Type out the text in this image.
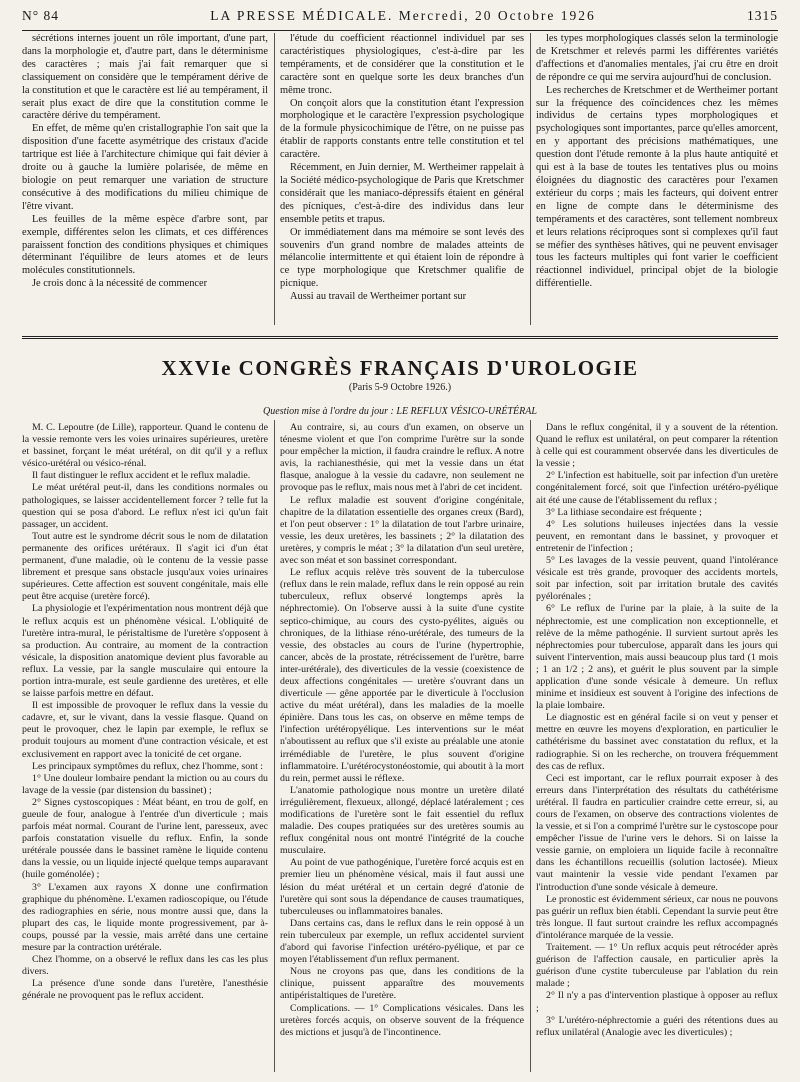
N° 84	LA PRESSE MÉDICALE. Mercredi, 20 Octobre 1926	1315

sécrétions internes jouent un rôle important, d'une part, dans la morphologie et, d'autre part, dans le déterminisme des caractères ; mais j'ai fait remarquer que si classiquement on considère que le tempérament dérive de la constitution et que le caractère est lié au tempérament, il serait plus exact de dire que la constitution comme le caractère dérive du tempérament.

En effet, de même qu'en cristallographie l'on sait que la disposition d'une facette asymétrique des cristaux d'acide tartrique est liée à l'architecture chimique qui fait dévier à droite ou à gauche la lumière polarisée, de même en biologie on peut remarquer une variation de structure consécutive à des modifications du milieu chimique de l'être vivant.

Les feuilles de la même espèce d'arbre sont, par exemple, différentes selon les climats, et ces différences paraissent fonction des conditions physiques et chimiques déterminant l'équilibre de leurs atomes et de leurs molécules constitutionnels.

Je crois donc à la nécessité de commencer

l'étude du coefficient réactionnel individuel par ses caractéristiques physiologiques, c'est-à-dire par les tempéraments, et de considérer que la constitution et le caractère sont en quelque sorte les deux branches d'un même tronc.

On conçoit alors que la constitution étant l'expression morphologique et le caractère l'expression psychologique de la formule physicochimique de l'être, on ne puisse pas établir de rapports constants entre telle constitution et tel caractère.

Récemment, en Juin dernier, M. Wertheimer rappelait à la Société médico-psychologique de Paris que Kretschmer considérait que les maniaco-dépressifs étaient en général des pícniques, c'est-à-dire des individus dans leur ensemble petits et trapus.

Or immédiatement dans ma mémoire se sont levés des souvenirs d'un grand nombre de malades atteints de mélancolie intermittente et qui étaient loin de répondre à ce type morphologique que Kretschmer qualifie de picnique.

Aussi au travail de Wertheimer portant sur

les types morphologiques classés selon la terminologie de Kretschmer et relevés parmi les différentes variétés d'affections et d'anomalies mentales, j'ai cru être en droit de répondre ce qui me servira aujourd'hui de conclusion.

Les recherches de Kretschmer et de Wertheimer portant sur la fréquence des coïncidences chez les mêmes individus de certains types morphologiques et psychologiques sont importantes, parce qu'elles amorcent, en y apportant des précisions mathématiques, une question dont l'étude remonte à la plus haute antiquité et qui est à la base de toutes les tentatives plus ou moins éloignées du diagnostic des caractères pour l'examen extérieur du corps ; mais les facteurs, qui doivent entrer en ligne de compte dans le déterminisme des tempéraments et des caractères, sont tellement nombreux et leurs relations réciproques sont si complexes qu'il faut se méfier des synthèses hâtives, qui ne peuvent envisager tous les facteurs multiples qui font varier le coefficient réactionnel individuel, principal objet de la biologie différentielle.

XXVIe CONGRÈS FRANÇAIS D'UROLOGIE
(Paris 5-9 Octobre 1926.)
Question mise à l'ordre du jour : LE REFLUX VÉSICO-URÉTÉRAL

M. C. Lepoutre (de Lille), rapporteur. Quand le contenu de la vessie remonte vers les voies urinaires supérieures, uretère et bassinet, forçant le méat urétéral, on dit qu'il y a reflux vésico-urétéral ou vésico-rénal.

Il faut distinguer le reflux accident et le reflux maladie.

Le méat urétéral peut-il, dans les conditions normales ou pathologiques, se laisser accidentellement forcer ? telle fut la question qui se posa d'abord. Le reflux n'est ici qu'un fait passager, un accident.

Tout autre est le syndrome décrit sous le nom de dilatation permanente des orifices urétéraux. Il s'agit ici d'un état permanent, d'une maladie, où le contenu de la vessie passe librement et presque sans obstacle jusqu'aux voies urinaires supérieures. Cette affection est souvent congénitale, mais elle peut être acquise (uretère forcé).

La physiologie et l'expérimentation nous montrent déjà que le reflux acquis est un phénomène vésical. L'obliquité de l'uretère intra-mural, le péristaltisme de l'uretère s'opposent à sa production. Au contraire, au moment de la contraction vésicale, la disposition anatomique devient plus favorable au reflux. La vessie, par la sangle musculaire qui entoure la portion intra-murale, est seule gardienne des uretères, et elle se laisse parfois mettre en défaut.

Il est impossible de provoquer le reflux dans la vessie du cadavre, et, sur le vivant, dans la vessie flasque. Quand on peut le provoquer, chez le lapin par exemple, le reflux se produit toujours au moment d'une contraction vésicale, et est exclusivement en rapport avec la tonicité de cet organe.

Les principaux symptômes du reflux, chez l'homme, sont :

1° Une douleur lombaire pendant la miction ou au cours du lavage de la vessie (par distension du bassinet) ;

2° Signes cystoscopiques : Méat béant, en trou de golf, en gueule de four, analogue à l'entrée d'un diverticule ; mais parfois méat normal. Courant de l'urine lent, paresseux, avec parfois constatation visuelle du reflux. Enfin, la sonde urétérale poussée dans le bassinet ramène le liquide contenu dans la vessie, ou un liquide injecté quelque temps auparavant (huile goménolée) ;

3° L'examen aux rayons X donne une confirmation graphique du phénomène. L'examen radioscopique, ou l'étude des radiographies en série, nous montre aussi que, dans la plupart des cas, le liquide monte progressivement, par à-coups, poussé par la vessie, mais arrêté dans une certaine mesure par la contraction urétérale.

Chez l'homme, on a observé le reflux dans les cas les plus divers.

La présence d'une sonde dans l'uretère, l'anesthésie générale ne provoquent pas le reflux accident.

Au contraire, si, au cours d'un examen, on observe un ténesme violent et que l'on comprime l'urètre sur la sonde pour empêcher la miction, il faudra craindre le reflux. A notre avis, la rachianesthésie, qui met la vessie dans un état flasque, analogue à la vessie du cadavre, non seulement ne provoque pas le reflux, mais nous met à l'abri de cet incident.

Le reflux maladie est souvent d'origine congénitale, chapitre de la dilatation essentielle des organes creux (Bard), et l'on peut observer : 1° la dilatation de tout l'arbre urinaire, vessie, les deux uretères, les bassinets ; 2° la dilatation des uretères, y compris le méat ; 3° la dilatation d'un seul uretère, avec son méat et son bassinet correspondant.

Le reflux acquis relève très souvent de la tuberculose (reflux dans le rein malade, reflux dans le rein opposé au rein tuberculeux, reflux observé longtemps après la néphrectomie). On l'observe aussi à la suite d'une cystite septico-chimique, au cours des cysto-pyélites, aiguës ou chroniques, de la lithiase réno-urétérale, des tumeurs de la vessie, des obstacles au cours de l'urine (hypertrophie, cancer, abcès de la prostate, rétrécissement de l'urètre, barre inter-urétérale), des diverticules de la vessie (coexistence de deux affections congénitales — uretère s'ouvrant dans un diverticule — gêne apportée par le diverticule à l'occlusion active du méat urétéral), dans les maladies de la moelle épinière. Dans tous les cas, on observe en même temps de l'infection urétéropyélique. Les interventions sur le méat n'aboutissent au reflux que s'il existe au préalable une atonie irrémédiable de l'uretère, le plus souvent d'origine inflammatoire. L'urétérocystonéostomie, qui aboutit à la mort du rein, permet aussi le réflexe.

L'anatomie pathologique nous montre un uretère dilaté irrégulièrement, flexueux, allongé, déplacé latéralement ; ces modifications de l'uretère sont le fait essentiel du reflux maladie. Des coupes pratiquées sur des uretères soumis au reflux congénital nous ont montré l'intégrité de la couche musculaire.

Au point de vue pathogénique, l'uretère forcé acquis est en premier lieu un phénomène vésical, mais il faut aussi une lésion du méat urétéral et un certain degré d'atonie de l'uretère qui sont sous la dépendance de causes traumatiques, tuberculeuses ou inflammatoires banales.

Dans certains cas, dans le reflux dans le rein opposé à un rein tuberculeux par exemple, un reflux accidentel survient d'abord qui favorise l'infection urétéro-pyélique, et par ce moyen l'établissement d'un reflux permanent.

Nous ne croyons pas que, dans les conditions de la clinique, puissent apparaître des mouvements antipéristaltiques de l'uretère.

Complications. — 1° Complications vésicales. Dans les uretères forcés acquis, on observe souvent de la fréquence des mictions et jusqu'à de l'incontinence.

Dans le reflux congénital, il y a souvent de la rétention. Quand le reflux est unilatéral, on peut comparer la rétention à celle qui est couramment observée dans les diverticules de la vessie ;

2° L'infection est habituelle, soit par infection d'un uretère congénitalement forcé, soit que l'infection urétéro-pyélique ait été une cause de l'établissement du reflux ;

3° La lithiase secondaire est fréquente ;

4° Les solutions huileuses injectées dans la vessie peuvent, en remontant dans le bassinet, y provoquer et entretenir de l'infection ;

5° Les lavages de la vessie peuvent, quand l'intolérance vésicale est très grande, provoquer des accidents mortels, soit par infection, soit par irritation brutale des cavités pyélorénales ;

6° Le reflux de l'urine par la plaie, à la suite de la néphrectomie, est une complication non exceptionnelle, et relève de la même pathogénie. Il survient surtout après les néphrectomies pour tuberculose, apparaît dans les jours qui suivent l'intervention, mais aussi beaucoup plus tard (1 mois ; 1 an 1/2 ; 2 ans), et guérit le plus souvent par la simple application d'une sonde vésicale à demeure. Un reflux minime et insidieux est souvent à l'origine des infections de la plaie lombaire.

Le diagnostic est en général facile si on veut y penser et mettre en œuvre les moyens d'exploration, en particulier le cathétérisme du bassinet avec constatation du reflux, et la radiographie. Si on les recherche, on trouvera fréquemment des cas de reflux.

Ceci est important, car le reflux pourrait exposer à des erreurs dans l'interprétation des résultats du cathétérisme urétéral. Il faudra en particulier craindre cette erreur, si, au cours de l'examen, on observe des contractions violentes de la vessie, et si l'on a comprimé l'urètre sur le cystoscope pour empêcher l'issue de l'urine vers le dehors. Si on laisse la vessie garnie, on emploiera un liquide facile à reconnaître dans les échantillons recueillis (solution lactosée). Mieux vaut maintenir la vessie vide pendant l'examen par l'introduction d'une sonde vésicale à demeure.

Le pronostic est évidemment sérieux, car nous ne pouvons pas guérir un reflux bien établi. Cependant la survie peut être très longue. Il faut surtout craindre les reflux accompagnés d'intolérance marquée de la vessie.

Traitement. — 1° Un reflux acquis peut rétrocéder après guérison de l'affection causale, en particulier après la guérison d'une cystite tuberculeuse par l'ablation du rein malade ;

2° Il n'y a pas d'intervention plastique à opposer au reflux ;

3° L'urétéro-néphrectomie a guéri des rétentions dues au reflux unilatéral (Analogie avec les diverticules) ;
